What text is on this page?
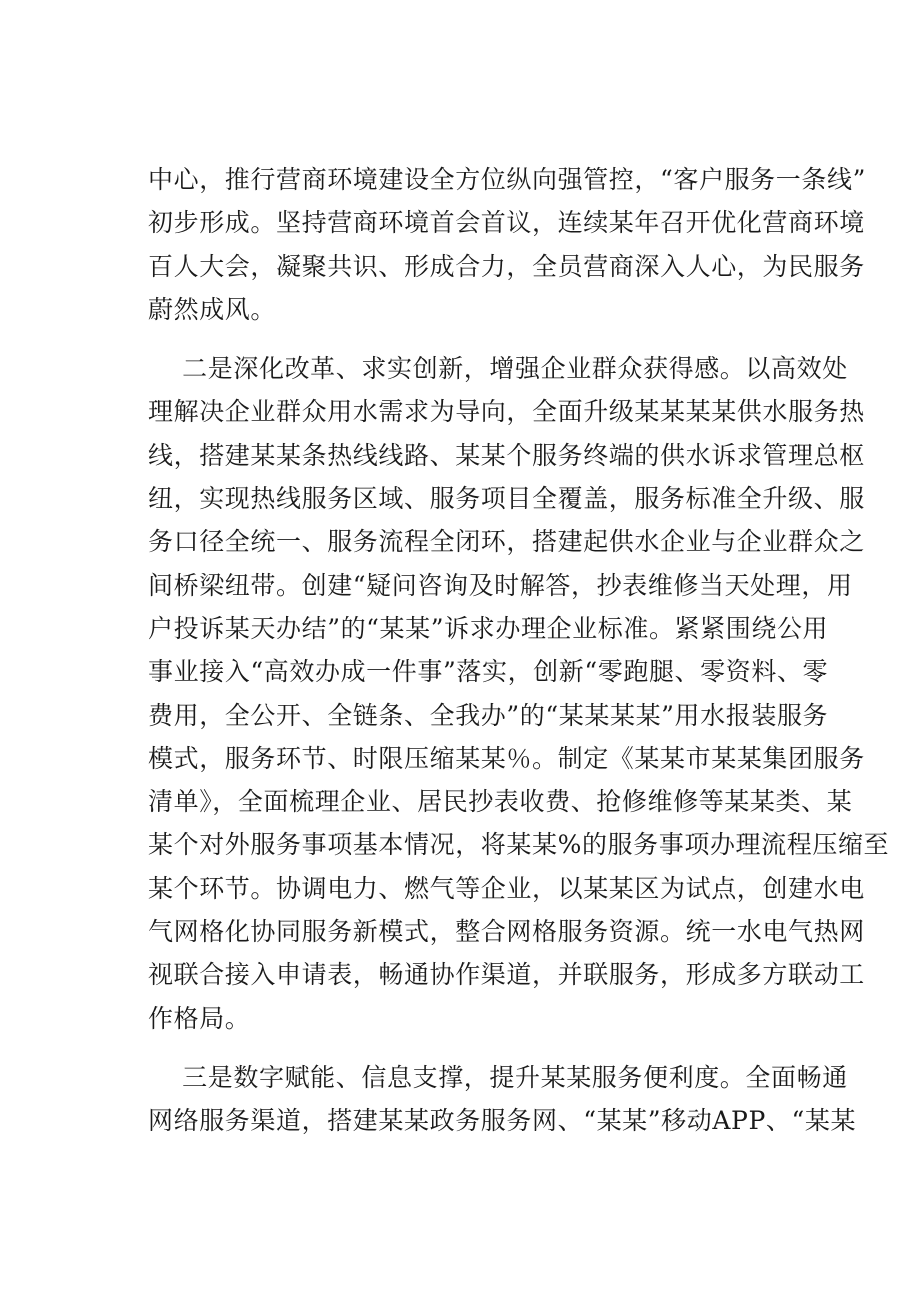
中心，推行营商环境建设全方位纵向强管控，“客户服务一条线”
初步形成。坚持营商环境首会首议，连续某年召开优化营商环境
百人大会，凝聚共识、形成合力，全员营商深入人心，为民服务
蔚然成风。
二是深化改革、求实创新，增强企业群众获得感。以高效处
理解决企业群众用水需求为导向，全面升级某某某某供水服务热
线，搭建某某条热线线路、某某个服务终端的供水诉求管理总枢
纽，实现热线服务区域、服务项目全覆盖，服务标准全升级、服
务口径全统一、服务流程全闭环，搭建起供水企业与企业群众之
间桥梁纽带。创建“疑问咨询及时解答，抄表维修当天处理，用
户投诉某天办结”的“某某”诉求办理企业标准。紧紧围绕公用
事业接入“高效办成一件事”落实，创新“零跑腿、零资料、零
费用，全公开、全链条、全我办”的“某某某某”用水报装服务
模式，服务环节、时限压缩某某％。制定《某某市某某集团服务
清单》，全面梳理企业、居民抄表收费、抢修维修等某某类、某
某个对外服务事项基本情况，将某某%的服务事项办理流程压缩至
某个环节。协调电力、燃气等企业，以某某区为试点，创建水电
气网格化协同服务新模式，整合网格服务资源。统一水电气热网
视联合接入申请表，畅通协作渠道，并联服务，形成多方联动工
作格局。
三是数字赋能、信息支撑，提升某某服务便利度。全面畅通
网络服务渠道，搭建某某政务服务网、“某某”移动APP、“某某
